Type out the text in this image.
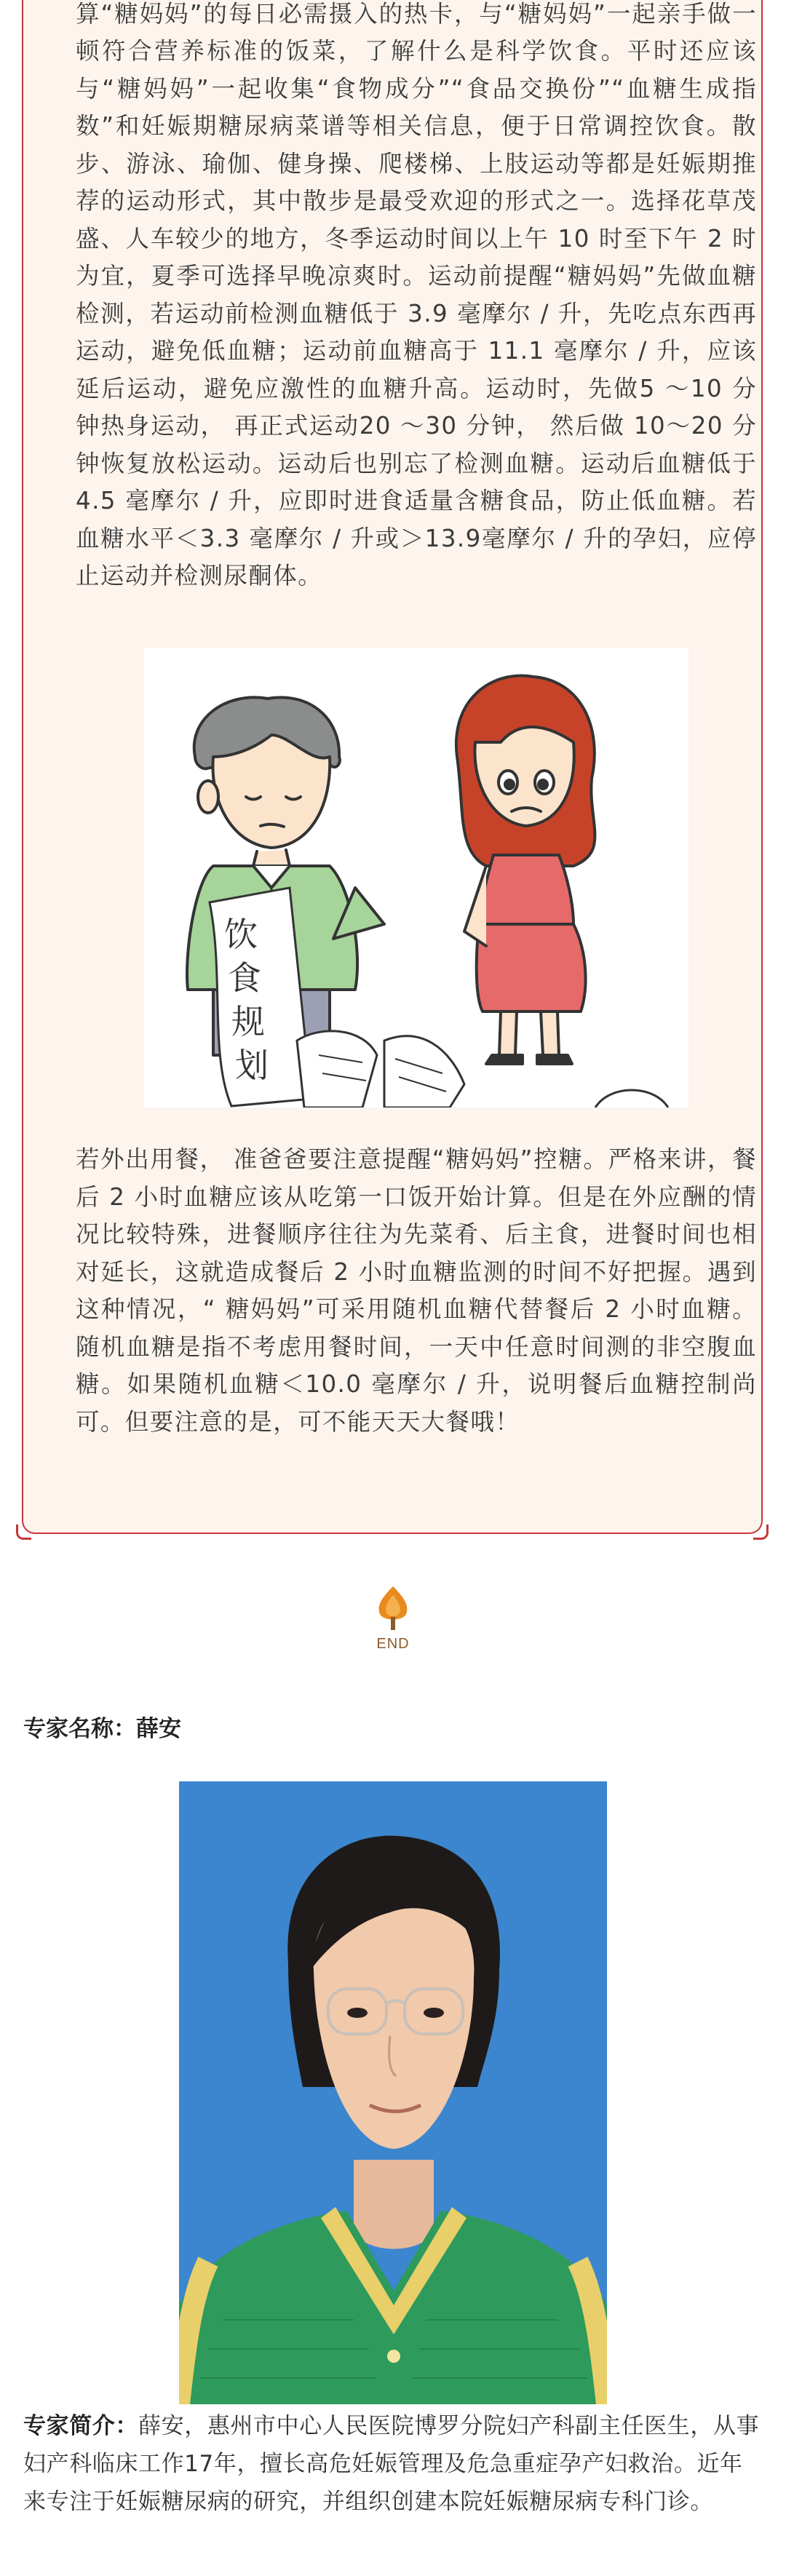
算“糖妈妈”的每日必需摄入的热卡，与“糖妈妈”一起亲手做一顿符合营养标准的饭菜，了解什么是科学饮食。平时还应该与“糖妈妈”一起收集“食物成分”“食品交换份”“血糖生成指数”和妊娠期糖尿病菜谱等相关信息，便于日常调控饮食。散步、游泳、瑜伽、健身操、爬楼梯、上肢运动等都是妊娠期推荐的运动形式，其中散步是最受欢迎的形式之一。选择花草茂盛、人车较少的地方，冬季运动时间以上午 10 时至下午 2 时为宜，夏季可选择早晚凉爽时。运动前提醒“糖妈妈”先做血糖检测，若运动前检测血糖低于 3.9 毫摩尔 / 升，先吃点东西再运动，避免低血糖；运动前血糖高于 11.1 毫摩尔 / 升，应该延后运动，避免应激性的血糖升高。运动时，先做5 ～10 分钟热身运动， 再正式运动20 ～30 分钟， 然后做 10～20 分钟恢复放松运动。运动后也别忘了检测血糖。运动后血糖低于4.5 毫摩尔 / 升，应即时进食适量含糖食品，防止低血糖。若血糖水平＜3.3 毫摩尔 / 升或＞13.9毫摩尔 / 升的孕妇，应停止运动并检测尿酮体。

饮
食
规
划

若外出用餐， 准爸爸要注意提醒“糖妈妈”控糖。严格来讲，餐后 2 小时血糖应该从吃第一口饭开始计算。但是在外应酬的情况比较特殊，进餐顺序往往为先菜肴、后主食，进餐时间也相对延长，这就造成餐后 2 小时血糖监测的时间不好把握。遇到这种情况，“ 糖妈妈”可采用随机血糖代替餐后 2 小时血糖。随机血糖是指不考虑用餐时间，一天中任意时间测的非空腹血糖。如果随机血糖＜10.0 毫摩尔 / 升，说明餐后血糖控制尚可。但要注意的是，可不能天天大餐哦！

END
专家名称：薛安

专家简介：薛安，惠州市中心人民医院博罗分院妇产科副主任医生，从事妇产科临床工作17年，擅长高危妊娠管理及危急重症孕产妇救治。近年来专注于妊娠糖尿病的研究，并组织创建本院妊娠糖尿病专科门诊。
